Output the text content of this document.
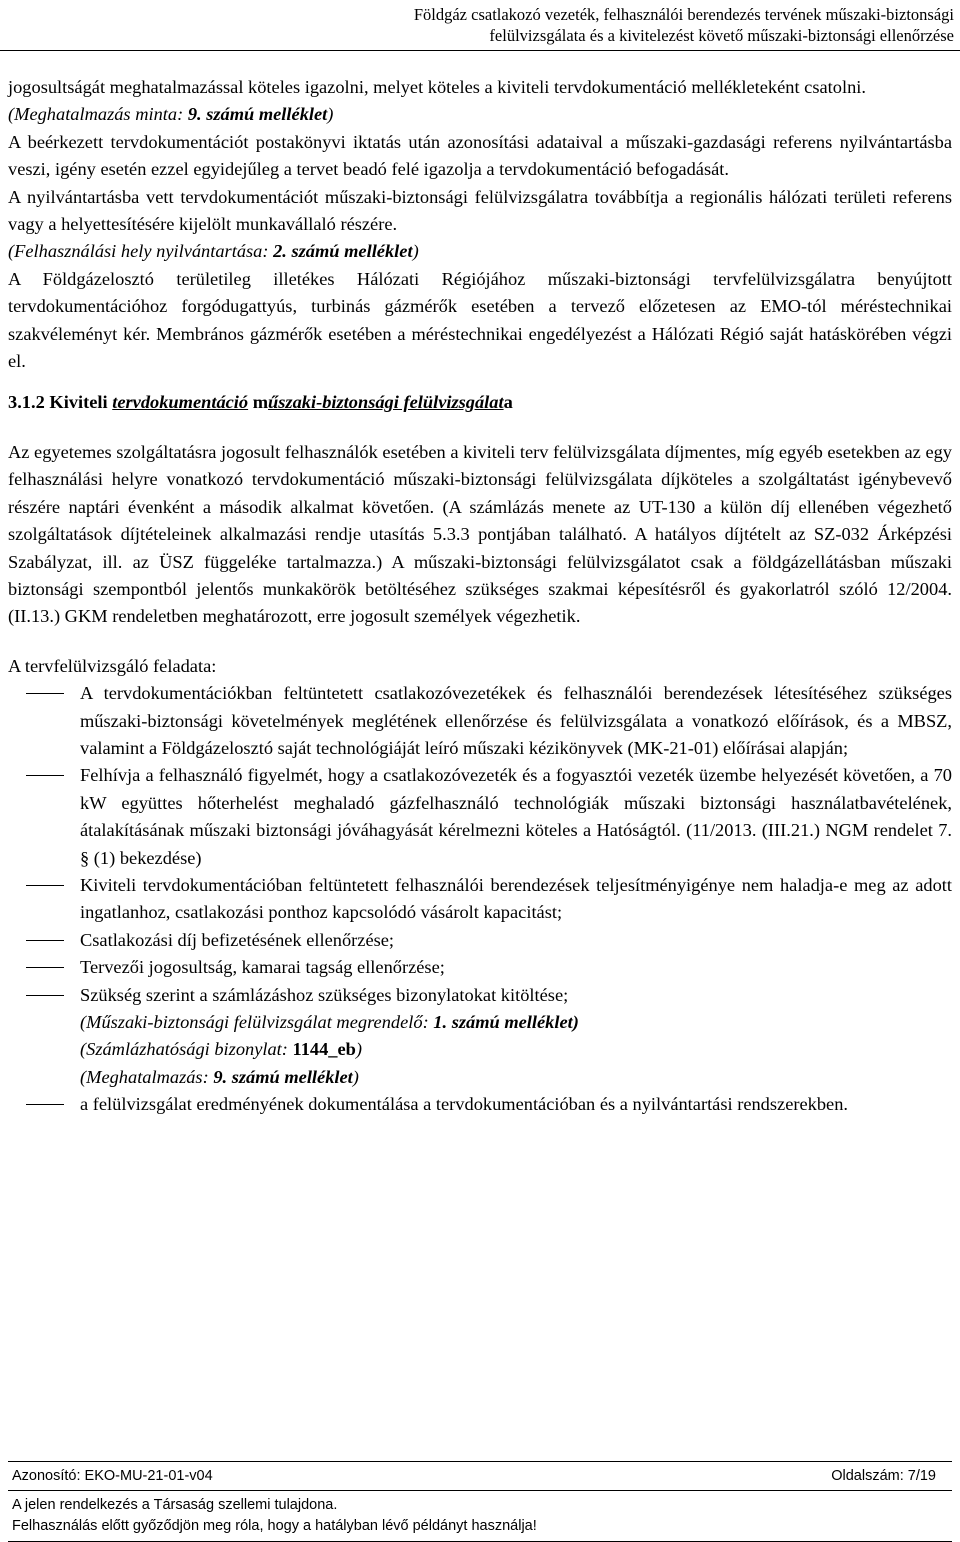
Földgáz csatlakozó vezeték, felhasználói berendezés tervének műszaki-biztonsági
felülvizsgálata és a kivitelezést követő műszaki-biztonsági ellenőrzése

jogosultságát meghatalmazással köteles igazolni, melyet köteles a kiviteli tervdokumentáció mellékleteként csatolni.

(Meghatalmazás minta: 9. számú melléklet)

A beérkezett tervdokumentációt postakönyvi iktatás után azonosítási adataival a műszaki-gazdasági referens nyilvántartásba veszi, igény esetén ezzel egyidejűleg a tervet beadó felé igazolja a tervdokumentáció befogadását.

A nyilvántartásba vett tervdokumentációt műszaki-biztonsági felülvizsgálatra továbbítja a regionális hálózati területi referens vagy a helyettesítésére kijelölt munkavállaló részére.

(Felhasználási hely nyilvántartása: 2. számú melléklet)

A Földgázelosztó területileg illetékes Hálózati Régiójához műszaki-biztonsági tervfelülvizsgálatra benyújtott tervdokumentációhoz forgódugattyús, turbinás gázmérők esetében a tervező előzetesen az EMO-tól méréstechnikai szakvéleményt kér. Membrános gázmérők esetében a méréstechnikai engedélyezést a Hálózati Régió saját hatáskörében végzi el.

3.1.2 Kiviteli tervdokumentáció műszaki-biztonsági felülvizsgálata

Az egyetemes szolgáltatásra jogosult felhasználók esetében a kiviteli terv felülvizsgálata díjmentes, míg egyéb esetekben az egy felhasználási helyre vonatkozó tervdokumentáció műszaki-biztonsági felülvizsgálata díjköteles a szolgáltatást igénybevevő részére naptári évenként a második alkalmat követően. (A számlázás menete az UT-130 a külön díj ellenében végezhető szolgáltatások díjtételeinek alkalmazási rendje utasítás 5.3.3 pontjában található. A hatályos díjtételt az SZ-032 Árképzési Szabályzat, ill. az ÜSZ függeléke tartalmazza.) A műszaki-biztonsági felülvizsgálatot csak a földgázellátásban műszaki biztonsági szempontból jelentős munkakörök betöltéséhez szükséges szakmai képesítésről és gyakorlatról szóló 12/2004. (II.13.) GKM rendeletben meghatározott, erre jogosult személyek végezhetik.

A tervfelülvizsgáló feladata:

A tervdokumentációkban feltüntetett csatlakozóvezetékek és felhasználói berendezések létesítéséhez szükséges műszaki-biztonsági követelmények meglétének ellenőrzése és felülvizsgálata a vonatkozó előírások, és a MBSZ, valamint a Földgázelosztó saját technológiáját leíró műszaki kézikönyvek (MK-21-01) előírásai alapján;
Felhívja a felhasználó figyelmét, hogy a csatlakozóvezeték és a fogyasztói vezeték üzembe helyezését követően, a 70 kW együttes hőterhelést meghaladó gázfelhasználó technológiák műszaki biztonsági használatbavételének, átalakításának műszaki biztonsági jóváhagyását kérelmezni köteles a Hatóságtól. (11/2013. (III.21.) NGM rendelet 7. § (1) bekezdése)
Kiviteli tervdokumentációban feltüntetett felhasználói berendezések teljesítményigénye nem haladja-e meg az adott ingatlanhoz, csatlakozási ponthoz kapcsolódó vásárolt kapacitást;
Csatlakozási díj befizetésének ellenőrzése;
Tervezői jogosultság, kamarai tagság ellenőrzése;
Szükség szerint a számlázáshoz szükséges bizonylatokat kitöltése;
(Műszaki-biztonsági felülvizsgálat megrendelő: 1. számú melléklet)
(Számlázhatósági bizonylat: 1144_eb)
(Meghatalmazás: 9. számú melléklet)
a felülvizsgálat eredményének dokumentálása a tervdokumentációban és a nyilvántartási rendszerekben.
Azonosító: EKO-MU-21-01-v04	Oldalszám: 7/19
A jelen rendelkezés a Társaság szellemi tulajdona.
Felhasználás előtt győződjön meg róla, hogy a hatályban lévő példányt használja!
